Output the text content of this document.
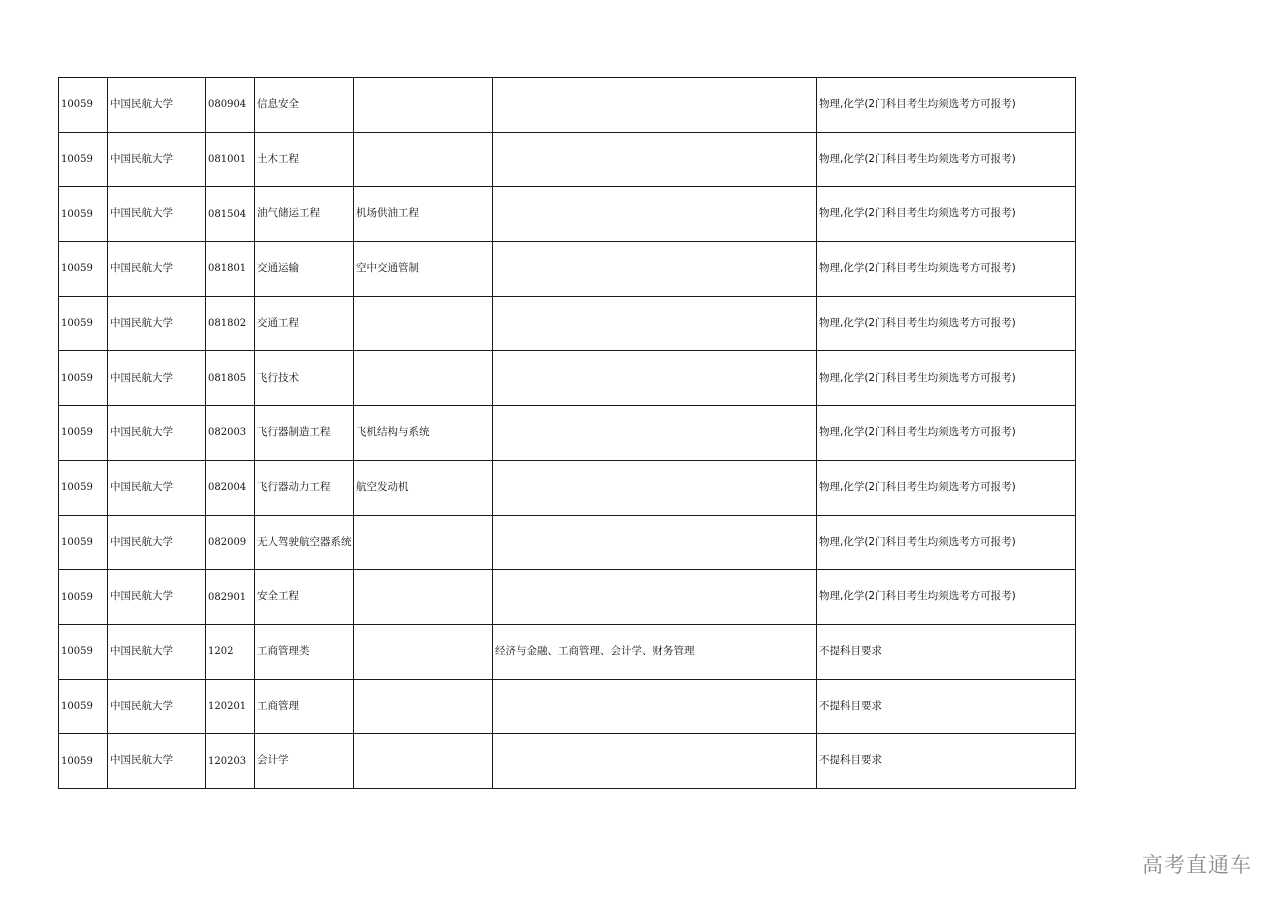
10059	中国民航大学	080904	信息安全			物理,化学(2门科目考生均须选考方可报考)
10059	中国民航大学	081001	土木工程			物理,化学(2门科目考生均须选考方可报考)
10059	中国民航大学	081504	油气储运工程	机场供油工程		物理,化学(2门科目考生均须选考方可报考)
10059	中国民航大学	081801	交通运输	空中交通管制		物理,化学(2门科目考生均须选考方可报考)
10059	中国民航大学	081802	交通工程			物理,化学(2门科目考生均须选考方可报考)
10059	中国民航大学	081805	飞行技术			物理,化学(2门科目考生均须选考方可报考)
10059	中国民航大学	082003	飞行器制造工程	飞机结构与系统		物理,化学(2门科目考生均须选考方可报考)
10059	中国民航大学	082004	飞行器动力工程	航空发动机		物理,化学(2门科目考生均须选考方可报考)
10059	中国民航大学	082009	无人驾驶航空器系统			物理,化学(2门科目考生均须选考方可报考)
10059	中国民航大学	082901	安全工程			物理,化学(2门科目考生均须选考方可报考)
10059	中国民航大学	1202	工商管理类		经济与金融、工商管理、会计学、财务管理	不提科目要求
10059	中国民航大学	120201	工商管理			不提科目要求
10059	中国民航大学	120203	会计学			不提科目要求
高考直通车
